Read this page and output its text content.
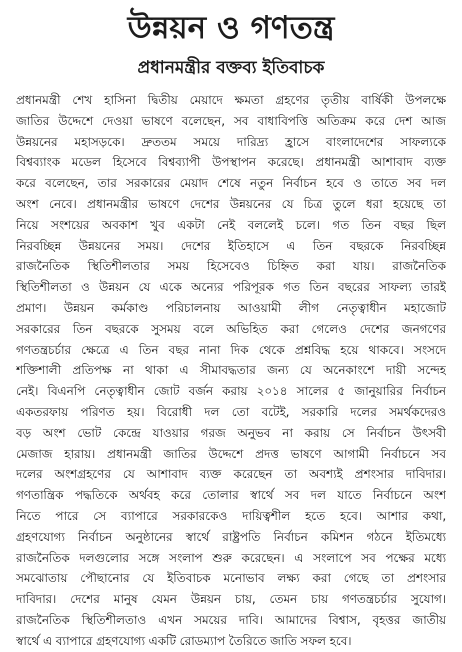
উন্নয়ন ও গণতন্ত্র
প্রধানমন্ত্রীর বক্তব্য ইতিবাচক
প্রধানমন্ত্রী শেখ হাসিনা দ্বিতীয় মেয়াদে ক্ষমতা গ্রহণের তৃতীয় বার্ষিকী উপলক্ষে
জাতির উদ্দেশে দেওয়া ভাষণে বলেছেন, সব বাধাবিপত্তি অতিক্রম করে দেশ আজ
উন্নয়নের মহাসড়কে। দ্রুততম সময়ে দারিদ্র্য হ্রাসে বাংলাদেশের সাফল্যকে
বিশ্বব্যাংক মডেল হিসেবে বিশ্বব্যাপী উপস্থাপন করেছে। প্রধানমন্ত্রী আশাবাদ ব্যক্ত
করে বলেছেন, তার সরকারের মেয়াদ শেষে নতুন নির্বাচন হবে ও তাতে সব দল
অংশ নেবে। প্রধানমন্ত্রীর ভাষণে দেশের উন্নয়নের যে চিত্র তুলে ধরা হয়েছে তা
নিয়ে সংশয়ের অবকাশ খুব একটা নেই বললেই চলে। গত তিন বছর ছিল
নিরবচ্ছিন্ন উন্নয়নের সময়। দেশের ইতিহাসে এ তিন বছরকে নিরবচ্ছিন্ন
রাজনৈতিক স্থিতিশীলতার সময় হিসেবেও চিহ্নিত করা যায়। রাজনৈতিক
স্থিতিশীলতা ও উন্নয়ন যে একে অন্যের পরিপূরক গত তিন বছরের সাফল্য তারই
প্রমাণ। উন্নয়ন কর্মকাণ্ড পরিচালনায় আওয়ামী লীগ নেতৃত্বাধীন মহাজোট
সরকারের তিন বছরকে সুসময় বলে অভিহিত করা গেলেও দেশের জনগণের
গণতন্ত্রচর্চার ক্ষেত্রে এ তিন বছর নানা দিক থেকে প্রশ্নবিদ্ধ হয়ে থাকবে। সংসদে
শক্তিশালী প্রতিপক্ষ না থাকা এ সীমাবদ্ধতার জন্য যে অনেকাংশে দায়ী সন্দেহ
নেই। বিএনপি নেতৃত্বাধীন জোট বর্জন করায় ২০১৪ সালের ৫ জানুয়ারির নির্বাচন
একতরফায় পরিণত হয়। বিরোধী দল তো বটেই, সরকারি দলের সমর্থকদেরও
বড় অংশ ভোট কেন্দ্রে যাওয়ার গরজ অনুভব না করায় সে নির্বাচন উৎসবী
মেজাজ হারায়। প্রধানমন্ত্রী জাতির উদ্দেশে প্রদত্ত ভাষণে আগামী নির্বাচনে সব
দলের অংশগ্রহণের যে আশাবাদ ব্যক্ত করেছেন তা অবশ্যই প্রশংসার দাবিদার।
গণতান্ত্রিক পদ্ধতিকে অর্থবহ করে তোলার স্বার্থে সব দল যাতে নির্বাচনে অংশ
নিতে পারে সে ব্যাপারে সরকারকেও দায়িত্বশীল হতে হবে। আশার কথা,
গ্রহণযোগ্য নির্বাচন অনুষ্ঠানের স্বার্থে রাষ্ট্রপতি নির্বাচন কমিশন গঠনে ইতিমধ্যে
রাজনৈতিক দলগুলোর সঙ্গে সংলাপ শুরু করেছেন। এ সংলাপে সব পক্ষের মধ্যে
সমঝোতায় পৌছানোর যে ইতিবাচক মনোভাব লক্ষ্য করা গেছে তা প্রশংসার
দাবিদার। দেশের মানুষ যেমন উন্নয়ন চায়, তেমন চায় গণতন্ত্রচর্চার সুযোগ।
রাজনৈতিক স্থিতিশীলতাও এখন সময়ের দাবি। আমাদের বিশ্বাস, বৃহত্তর জাতীয়
স্বার্থে এ ব্যাপারে গ্রহণযোগ্য একটি রোডম্যাপ তৈরিতে জাতি সফল হবে।
